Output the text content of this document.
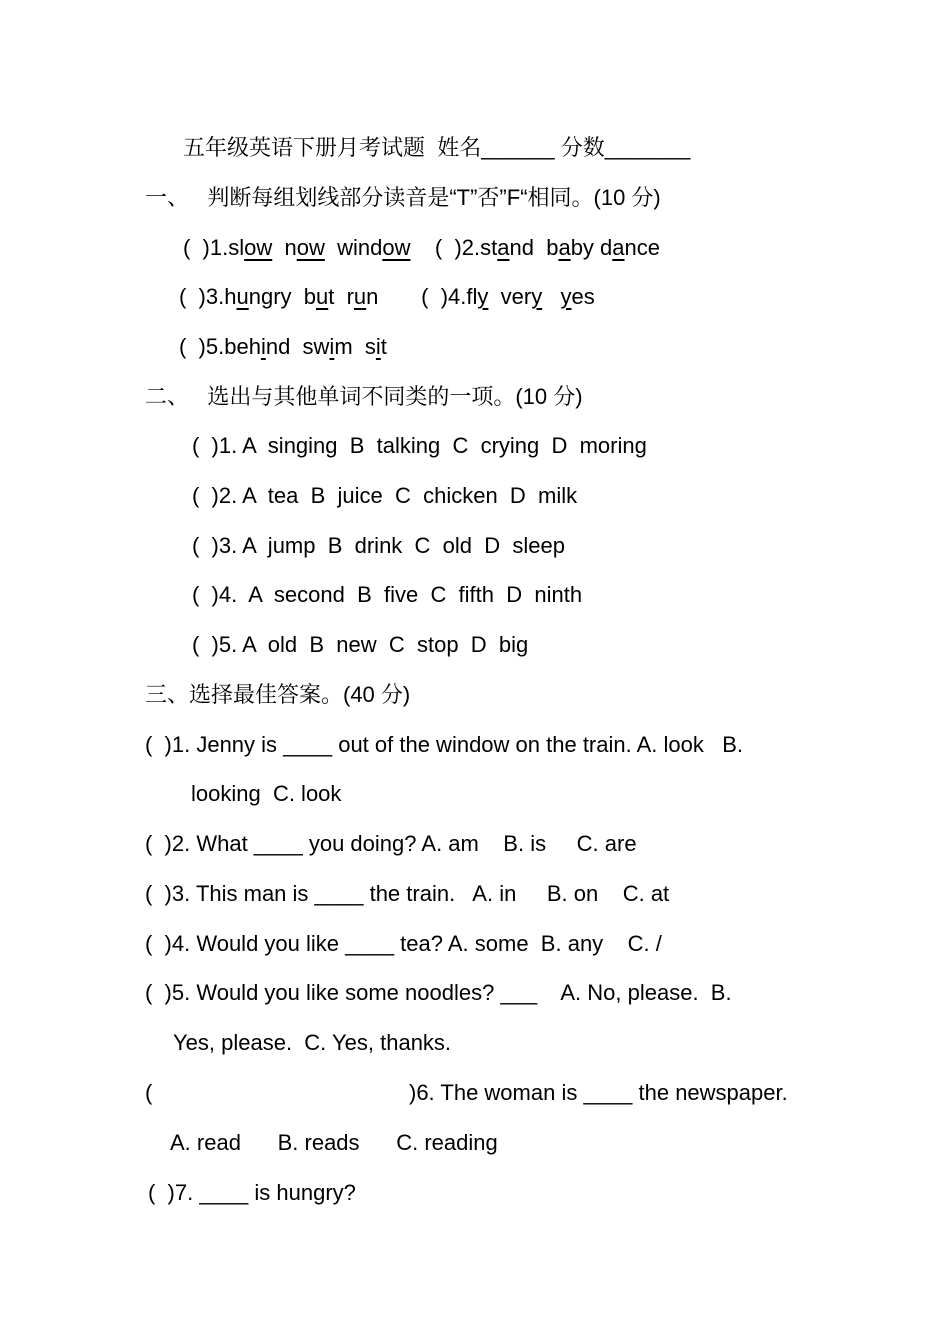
五年级英语下册月考试题  姓名______ 分数_______
一、   判断每组划线部分读音是“T”否”F“相同。(10 分)
(  )1.slow  now  window    (  )2.stand  baby dance
(  )3.hungry  but  run       (  )4.fly  very yes
(  )5.behind  swim  sit
二、   选出与其他单词不同类的一项。(10 分)
(  )1. A  singing  B  talking  C  crying  D  moring
(  )2. A  tea  B  juice  C  chicken  D  milk
(  )3. A  jump  B  drink  C  old  D  sleep
(  )4.  A  second  B  five  C  fifth  D  ninth
(  )5. A  old  B  new  C  stop  D  big
三、选择最佳答案。(40 分)
(  )1. Jenny is ____ out of the window on the train. A. look   B.
looking  C. look
(  )2. What ____ you doing? A. am    B. is     C. are
(  )3. This man is ____ the train.   A. in     B. on    C. at
(  )4. Would you like ____ tea? A. some  B. any    C. /
(  )5. Would you like some noodles? ___    A. No, please.  B.
Yes, please.  C. Yes, thanks.
(	)6. The woman is ____ the newspaper.
A. read      B. reads      C. reading
(  )7. ____ is hungry?
